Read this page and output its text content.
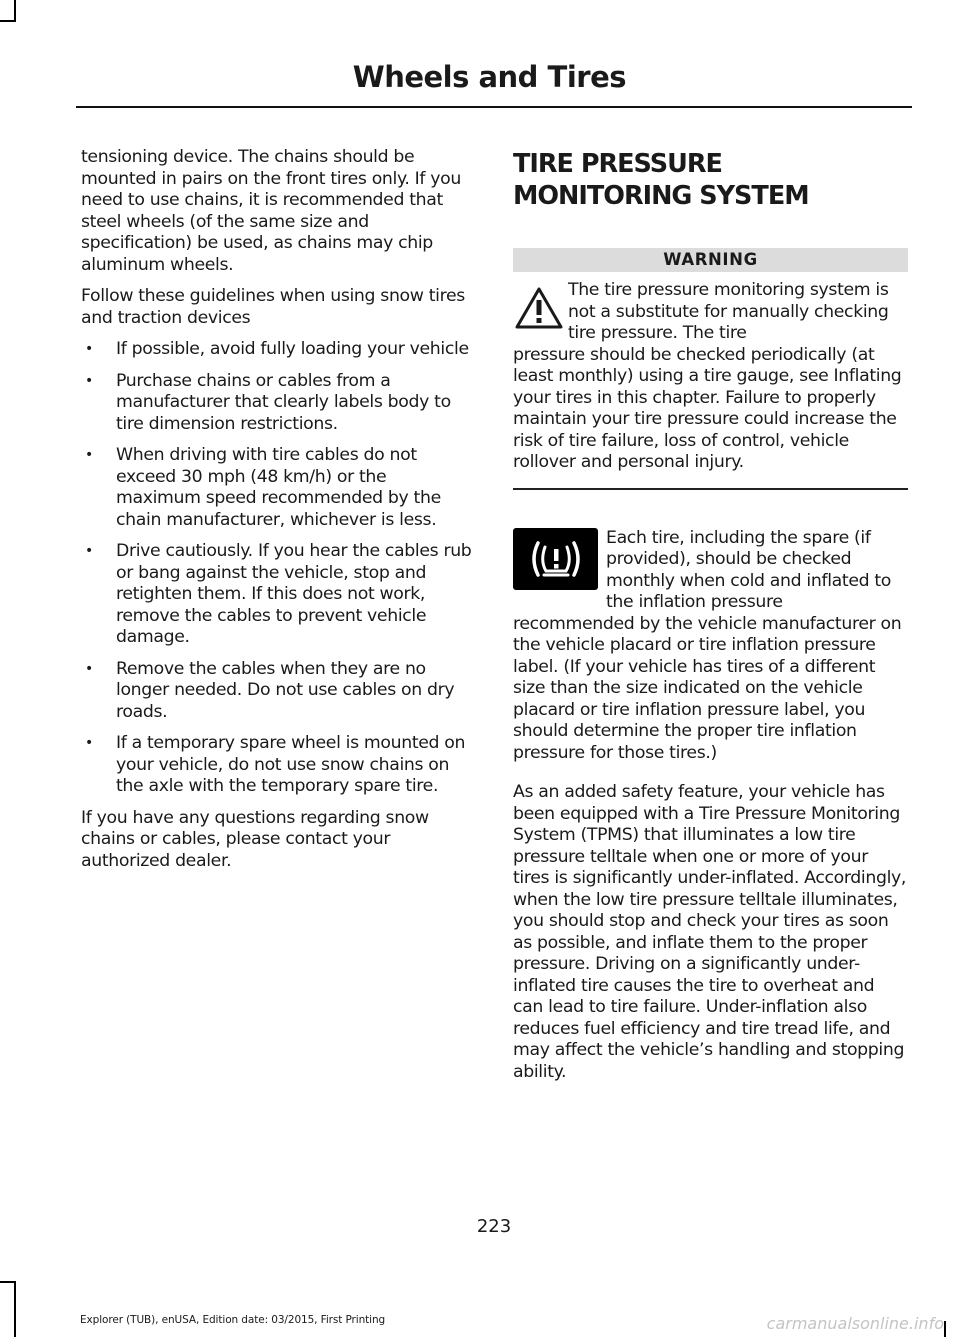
Wheels and Tires

tensioning device. The chains should be mounted in pairs on the front tires only. If you need to use chains, it is recommended that steel wheels (of the same size and specification) be used, as chains may chip aluminum wheels.

Follow these guidelines when using snow tires and traction devices

• If possible, avoid fully loading your vehicle
• Purchase chains or cables from a manufacturer that clearly labels body to tire dimension restrictions.
• When driving with tire cables do not exceed 30 mph (48 km/h) or the maximum speed recommended by the chain manufacturer, whichever is less.
• Drive cautiously. If you hear the cables rub or bang against the vehicle, stop and retighten them. If this does not work, remove the cables to prevent vehicle damage.
• Remove the cables when they are no longer needed. Do not use cables on dry roads.
• If a temporary spare wheel is mounted on your vehicle, do not use snow chains on the axle with the temporary spare tire.

If you have any questions regarding snow chains or cables, please contact your authorized dealer.

TIRE PRESSURE MONITORING SYSTEM
WARNING

The tire pressure monitoring system is not a substitute for manually checking tire pressure. The tire

pressure should be checked periodically (at least monthly) using a tire gauge, see Inflating your tires in this chapter. Failure to properly maintain your tire pressure could increase the risk of tire failure, loss of control, vehicle rollover and personal injury.

Each tire, including the spare (if provided), should be checked monthly when cold and inflated to the inflation pressure recommended by the vehicle manufacturer on the vehicle placard or tire inflation pressure label. (If your vehicle has tires of a different size than the size indicated on the vehicle placard or tire inflation pressure label, you should determine the proper tire inflation pressure for those tires.)

As an added safety feature, your vehicle has been equipped with a Tire Pressure Monitoring System (TPMS) that illuminates a low tire pressure telltale when one or more of your tires is significantly under-inflated. Accordingly, when the low tire pressure telltale illuminates, you should stop and check your tires as soon as possible, and inflate them to the proper pressure. Driving on a significantly under-inflated tire causes the tire to overheat and can lead to tire failure. Under-inflation also reduces fuel efficiency and tire tread life, and may affect the vehicle’s handling and stopping ability.

223

Explorer (TUB), enUSA, Edition date: 03/2015, First Printing	carmanualsonline.info
